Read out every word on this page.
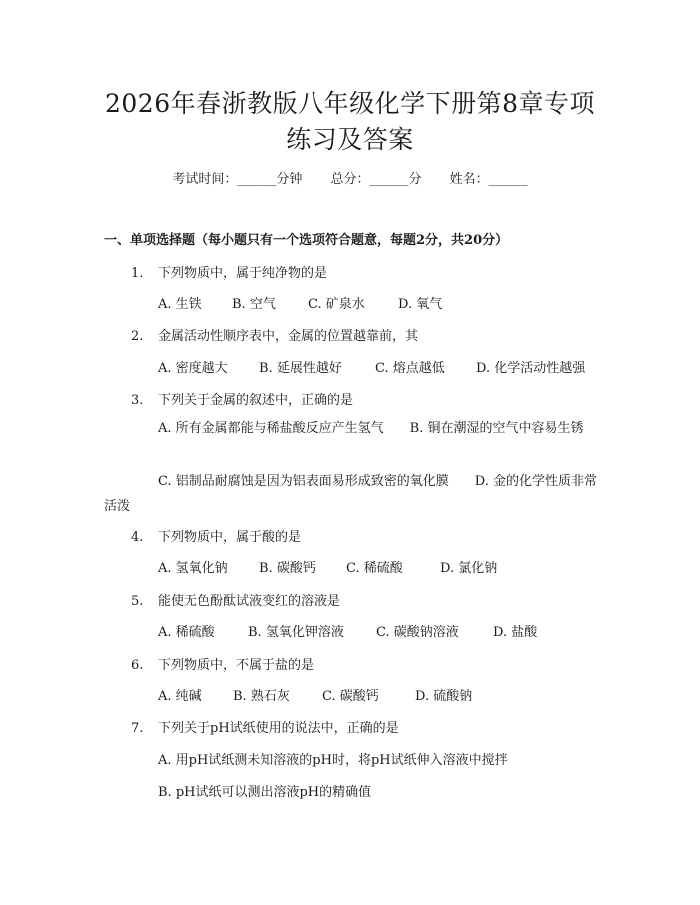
2026年春浙教版八年级化学下册第8章专项
练习及答案
考试时间：______分钟 总分：______分 姓名：______
一、单项选择题（每小题只有一个选项符合题意，每题2分，共20分）
1. 下列物质中，属于纯净物的是
A. 生铁 B. 空气 C. 矿泉水	D. 氧气
2. 金属活动性顺序表中，金属的位置越靠前，其
A. 密度越大 B. 延展性越好	C. 熔点越低 D. 化学活动性越强
3. 下列关于金属的叙述中，正确的是
A. 所有金属都能与稀盐酸反应产生氢气　　B. 铜在潮湿的空气中容易生锈
C. 铝制品耐腐蚀是因为铝表面易形成致密的氧化膜　　D. 金的化学性质非常活泼
4. 下列物质中，属于酸的是
A. 氢氧化钠 B. 碳酸钙 C. 稀硫酸	D. 氯化钠
5. 能使无色酚酞试液变红的溶液是
A. 稀硫酸	B. 氢氧化钾溶液 C. 碳酸钠溶液	D. 盐酸
6. 下列物质中，不属于盐的是
A. 纯碱 B. 熟石灰 C. 碳酸钙	D. 硫酸钠
7. 下列关于pH试纸使用的说法中，正确的是
A. 用pH试纸测未知溶液的pH时，将pH试纸伸入溶液中搅拌
B. pH试纸可以测出溶液pH的精确值
